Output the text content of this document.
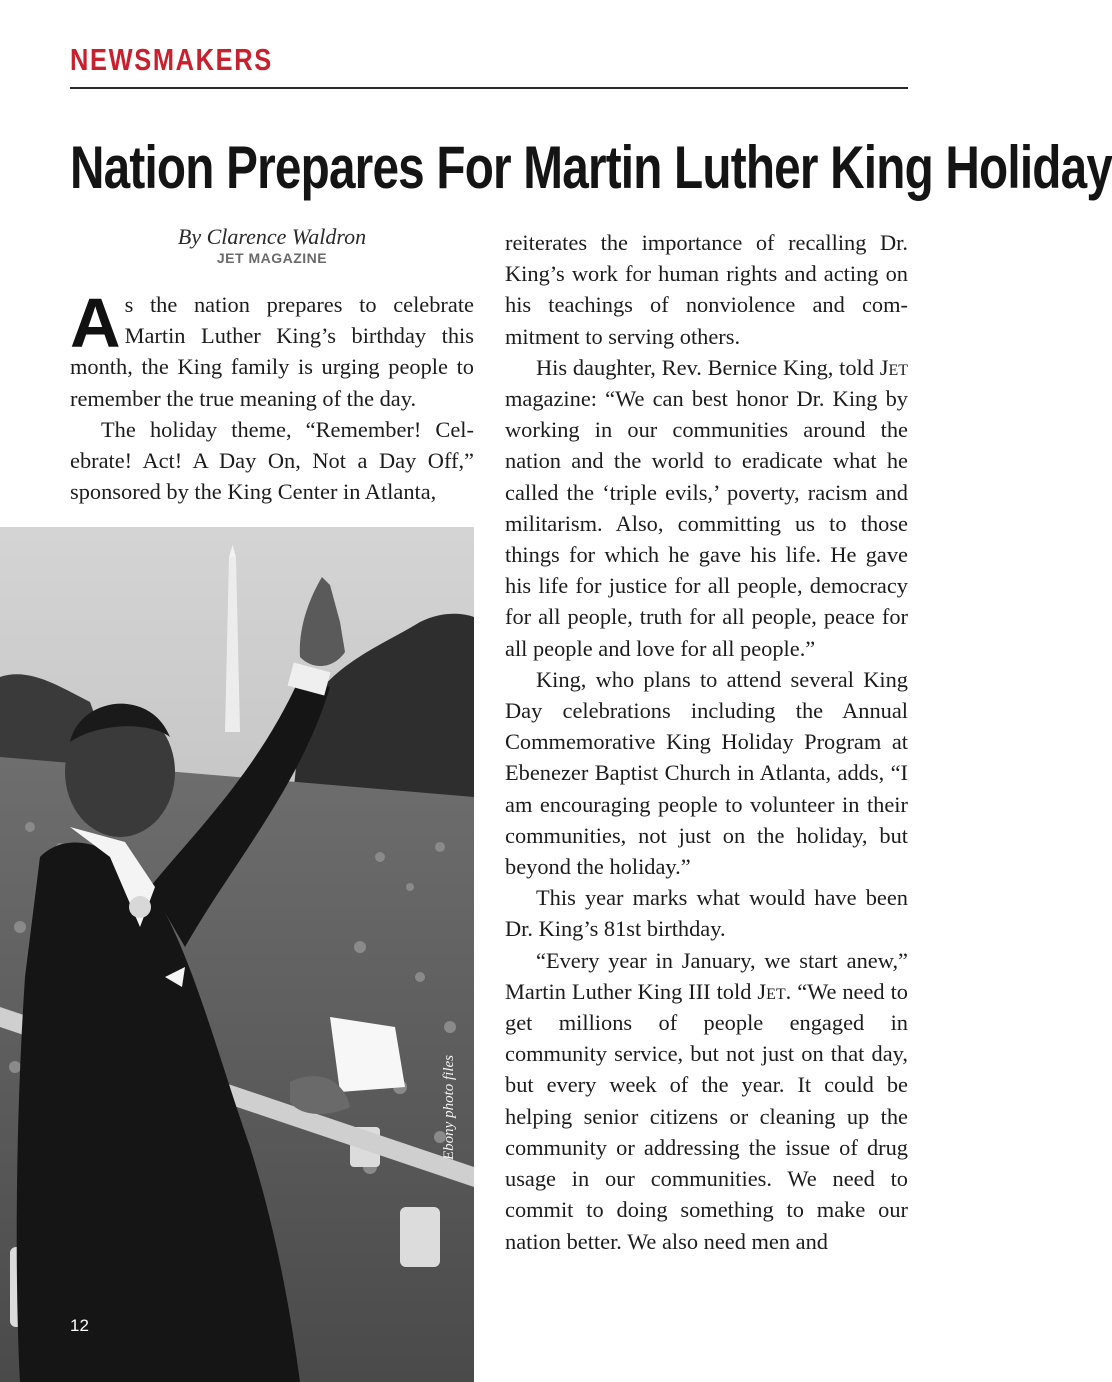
NEWSMAKERS
Nation Prepares For Martin Luther King Holiday
By Clarence Waldron
JET MAGAZINE

As the nation prepares to celebrate Martin Luther King’s birthday this month, the King family is urging people to remember the true meaning of the day.

The holiday theme, “Remember! Celebrate! Act! A Day On, Not a Day Off,” sponsored by the King Center in Atlanta,

Ebony photo files
12

reiterates the importance of recalling Dr. King’s work for human rights and acting on his teachings of nonviolence and commitment to serving others.

His daughter, Rev. Bernice King, told Jet magazine: “We can best honor Dr. King by working in our communities around the nation and the world to eradicate what he called the ‘triple evils,’ poverty, racism and militarism. Also, committing us to those things for which he gave his life. He gave his life for justice for all people, democracy for all people, truth for all people, peace for all people and love for all people.”

King, who plans to attend several King Day celebrations including the Annual Commemorative King Holiday Program at Ebenezer Baptist Church in Atlanta, adds, “I am encouraging people to volunteer in their communities, not just on the holiday, but beyond the holiday.”

This year marks what would have been Dr. King’s 81st birthday.

“Every year in January, we start anew,” Martin Luther King III told Jet. “We need to get millions of people engaged in community service, but not just on that day, but every week of the year. It could be helping senior citizens or cleaning up the community or addressing the issue of drug usage in our communities. We need to commit to doing something to make our nation better. We also need men and
